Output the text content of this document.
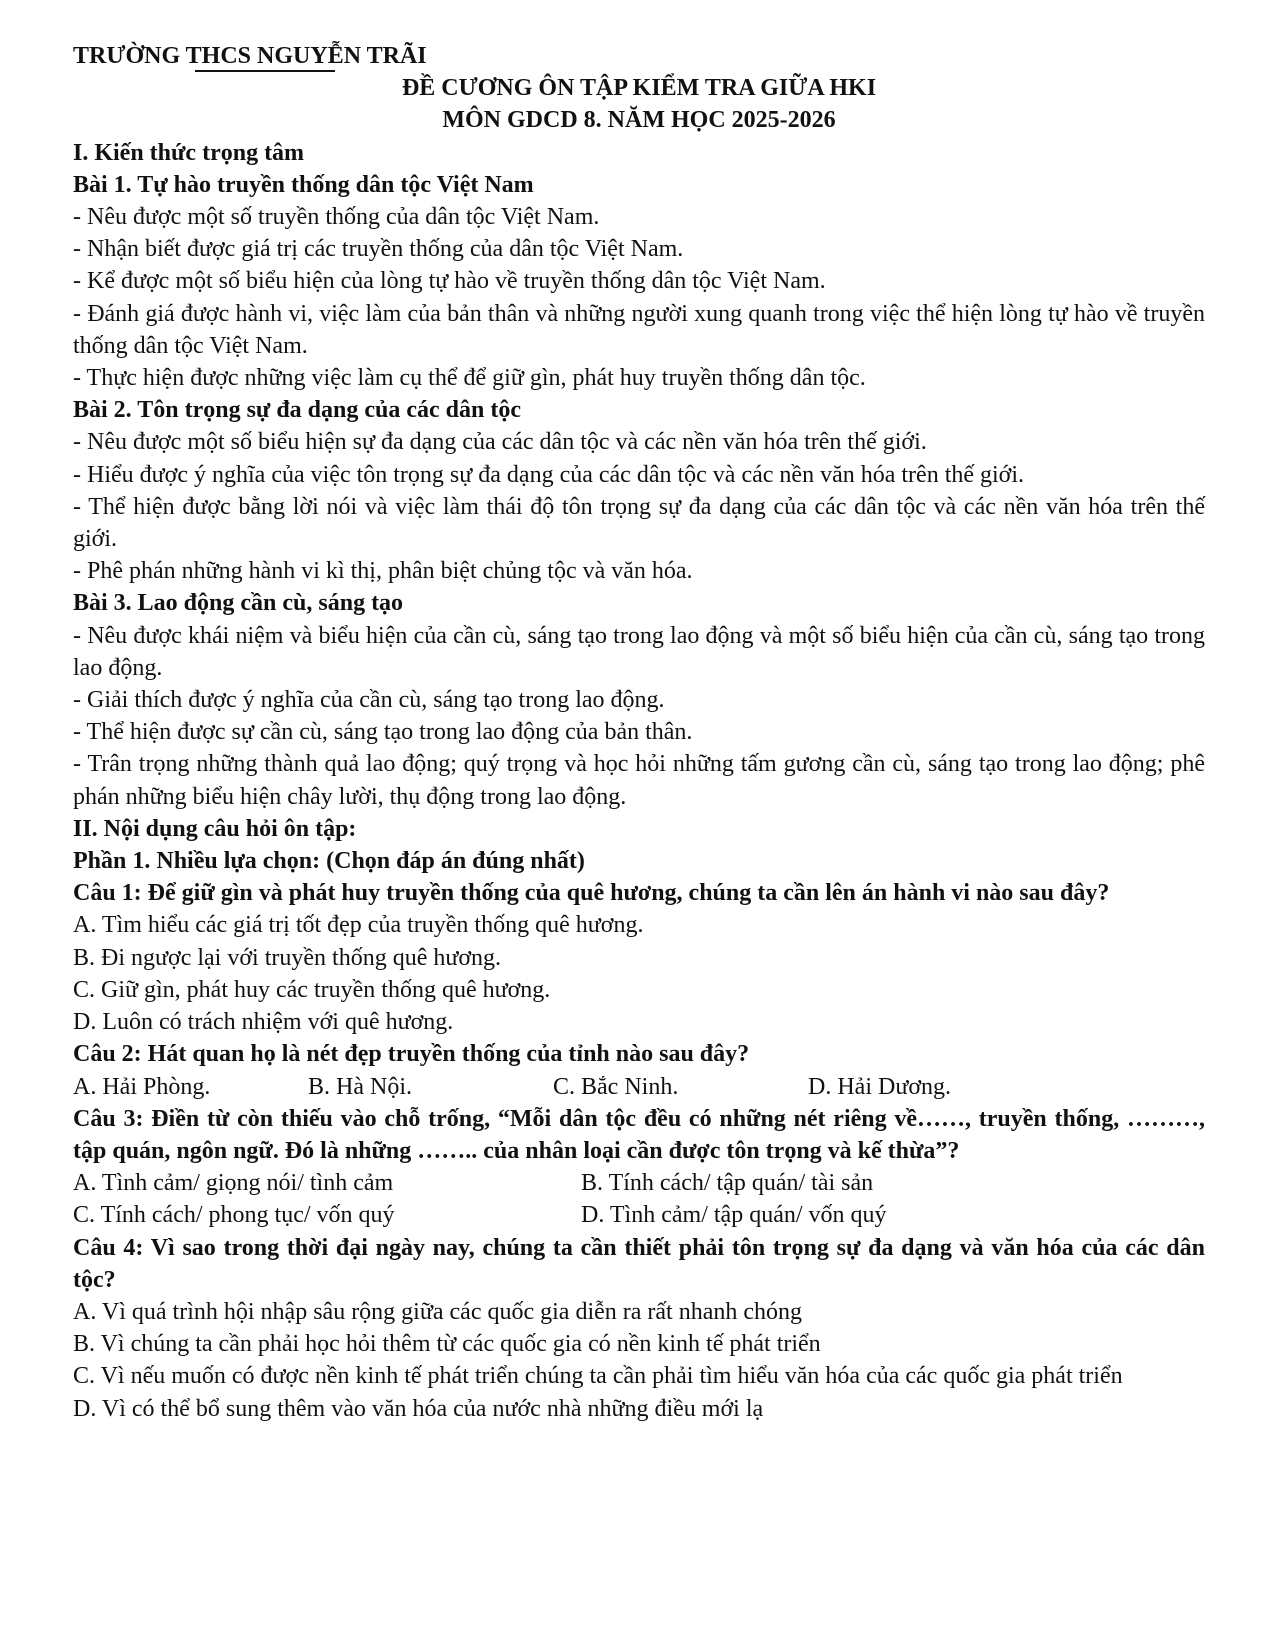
TRƯỜNG THCS NGUYỄN TRÃI
ĐỀ CƯƠNG ÔN TẬP KIỂM TRA GIỮA HKI
MÔN GDCD 8. NĂM HỌC 2025-2026
I. Kiến thức trọng tâm
Bài 1. Tự hào truyền thống dân tộc Việt Nam
- Nêu được một số truyền thống của dân tộc Việt Nam.
- Nhận biết được giá trị các truyền thống của dân tộc Việt Nam.
- Kể được một số biểu hiện của lòng tự hào về truyền thống dân tộc Việt Nam.
- Đánh giá được hành vi, việc làm của bản thân và những người xung quanh trong việc thể hiện lòng tự hào về truyền thống dân tộc Việt Nam.
- Thực hiện được những việc làm cụ thể để giữ gìn, phát huy truyền thống dân tộc.
Bài 2. Tôn trọng sự đa dạng của các dân tộc
- Nêu được một số biểu hiện sự đa dạng của các dân tộc và các nền văn hóa trên thế giới.
- Hiểu được ý nghĩa của việc tôn trọng sự đa dạng của các dân tộc và các nền văn hóa trên thế giới.
- Thể hiện được bằng lời nói và việc làm thái độ tôn trọng sự đa dạng của các dân tộc và các nền văn hóa trên thế giới.
- Phê phán những hành vi kì thị, phân biệt chủng tộc và văn hóa.
Bài 3. Lao động cần cù, sáng tạo
- Nêu được khái niệm và biểu hiện của cần cù, sáng tạo trong lao động và một số biểu hiện của cần cù, sáng tạo trong lao động.
- Giải thích được ý nghĩa của cần cù, sáng tạo trong lao động.
- Thể hiện được sự cần cù, sáng tạo trong lao động của bản thân.
- Trân trọng những thành quả lao động; quý trọng và học hỏi những tấm gương cần cù, sáng tạo trong lao động; phê phán những biểu hiện chây lười, thụ động trong lao động.
II. Nội dụng câu hỏi ôn tập:
Phần 1. Nhiều lựa chọn: (Chọn đáp án đúng nhất)
Câu 1: Để giữ gìn và phát huy truyền thống của quê hương, chúng ta cần lên án hành vi nào sau đây?
A. Tìm hiểu các giá trị tốt đẹp của truyền thống quê hương.
B. Đi ngược lại với truyền thống quê hương.
C. Giữ gìn, phát huy các truyền thống quê hương.
D. Luôn có trách nhiệm với quê hương.
Câu 2: Hát quan họ là nét đẹp truyền thống của tỉnh nào sau đây?
A. Hải Phòng.	B. Hà Nội.	C. Bắc Ninh.	D. Hải Dương.
Câu 3: Điền từ còn thiếu vào chỗ trống, “Mỗi dân tộc đều có những nét riêng về……, truyền thống, ………, tập quán, ngôn ngữ. Đó là những …….. của nhân loại cần được tôn trọng và kế thừa”?
A. Tình cảm/ giọng nói/ tình cảm	B. Tính cách/ tập quán/ tài sản
C. Tính cách/ phong tục/ vốn quý	D. Tình cảm/ tập quán/ vốn quý
Câu 4: Vì sao trong thời đại ngày nay, chúng ta cần thiết phải tôn trọng sự đa dạng và văn hóa của các dân tộc?
A. Vì quá trình hội nhập sâu rộng giữa các quốc gia diễn ra rất nhanh chóng
B. Vì chúng ta cần phải học hỏi thêm từ các quốc gia có nền kinh tế phát triển
C. Vì nếu muốn có được nền kinh tế phát triển chúng ta cần phải tìm hiểu văn hóa của các quốc gia phát triển
D. Vì có thể bổ sung thêm vào văn hóa của nước nhà những điều mới lạ
